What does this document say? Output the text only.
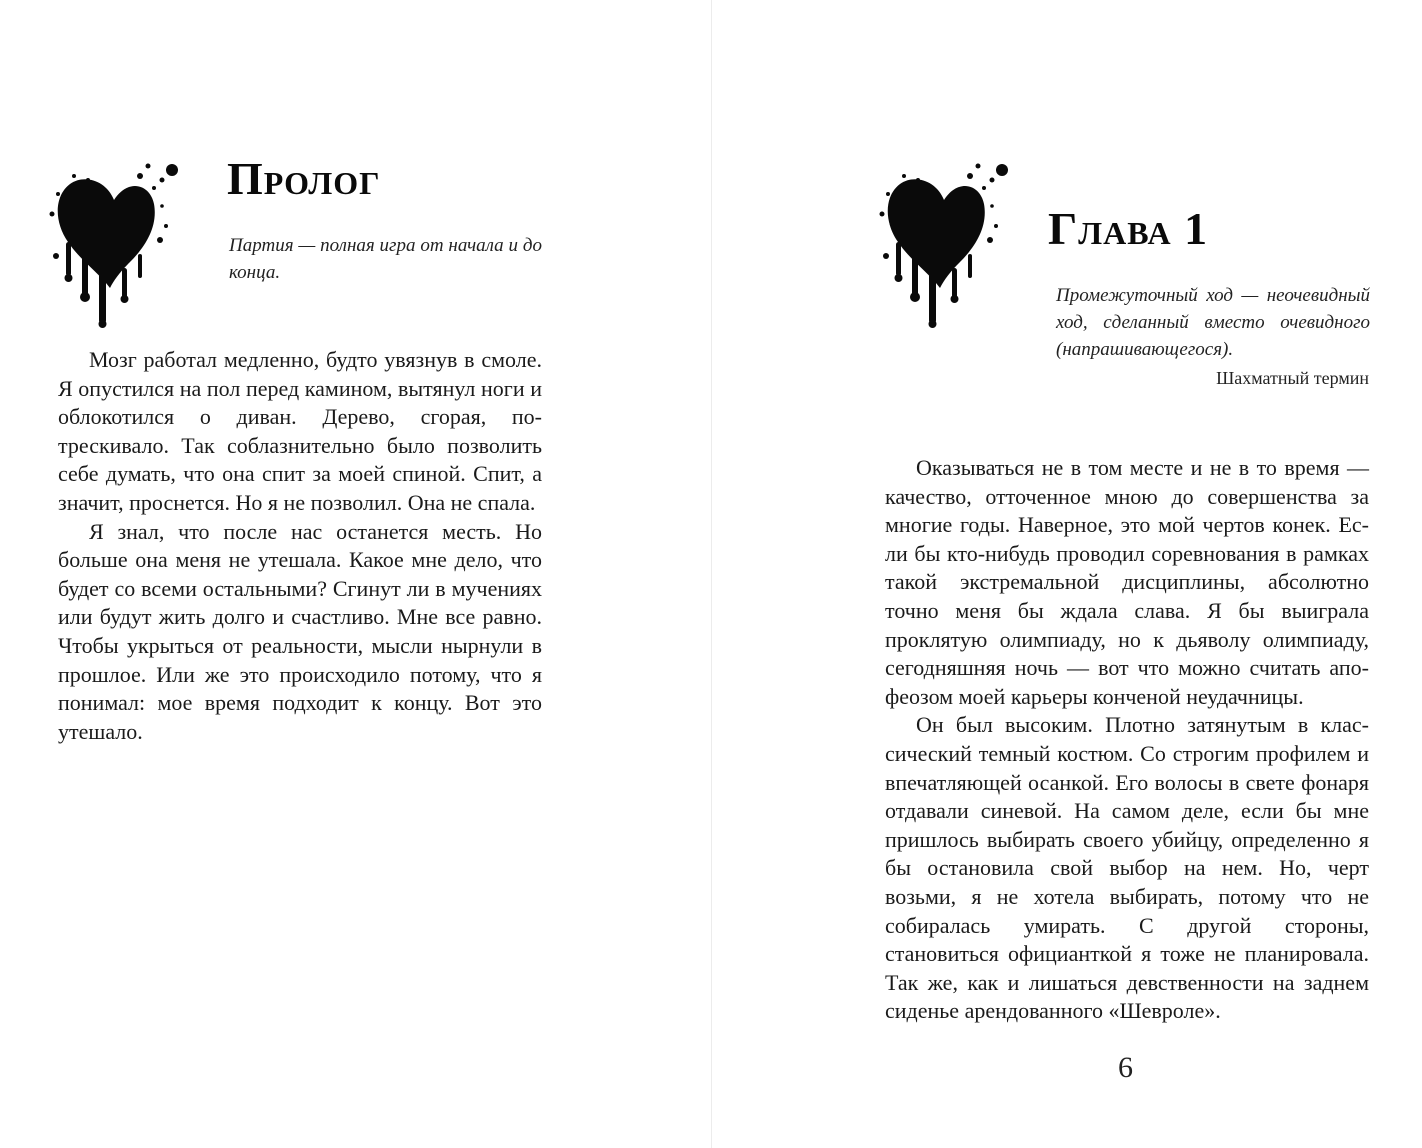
Пролог

Партия — полная игра от начала и до конца.

Мозг работал медленно, будто увязнув в смоле. Я опустился на пол перед камином, вытянул ноги и облокотился о диван. Дерево, сгорая, потрескивало. Так соблазнительно было позволить себе думать, что она спит за моей спиной. Спит, а значит, проснется. Но я не позволил. Она не спала.

Я знал, что после нас останется месть. Но больше она меня не утешала. Какое мне дело, что будет со всеми остальными? Сгинут ли в мучениях или будут жить долго и счастливо. Мне все равно. Чтобы укрыться от реальности, мысли нырнули в прошлое. Или же это происходило потому, что я понимал: мое время подходит к концу. Вот это утешало.

Глава 1

Промежуточный ход — неочевидный ход, сделанный вместо очевидного (напрашивающегося).

Шахматный термин

Оказываться не в том месте и не в то время — качество, отточенное мною до совершенства за многие годы. Наверное, это мой чертов конек. Если бы кто-нибудь проводил соревнования в рамках такой экстремальной дисциплины, абсолютно точно меня бы ждала слава. Я бы выиграла проклятую олимпиаду, но к дьяволу олимпиаду, сегодняшняя ночь — вот что можно считать апофеозом моей карьеры конченой неудачницы.

Он был высоким. Плотно затянутым в классический темный костюм. Со строгим профилем и впечатляющей осанкой. Его волосы в свете фонаря отдавали синевой. На самом деле, если бы мне пришлось выбирать своего убийцу, определенно я бы остановила свой выбор на нем. Но, черт возьми, я не хотела выбирать, потому что не собиралась умирать. С другой стороны, становиться официанткой я тоже не планировала. Так же, как и лишаться девственности на заднем сиденье арендованного «Шевроле».

6
